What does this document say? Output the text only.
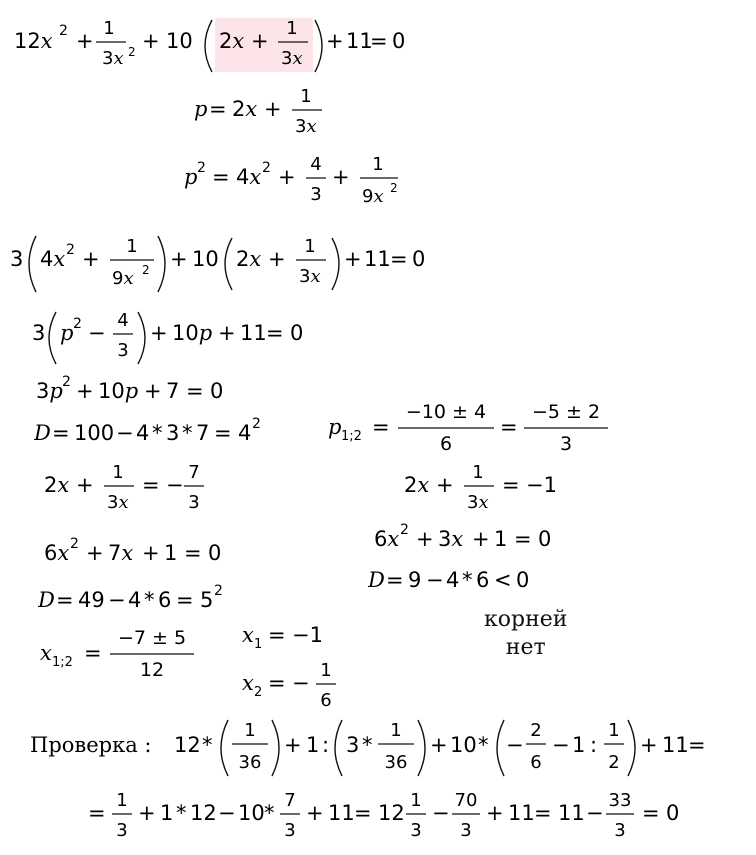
12x 2 +
1
3x 2 + 10 2x +
1
3x
+ 11
= 0
p = 2x +
1
3x
p 2 = 4x 2 +
4
3
+
1
9x 2
3 4x 2 +
1
9x 2 + 10 2x +
1
3x
+ 11 = 0
3 p 2 −
4
3
+ 10p + 11 = 0
3p 2 + 10p + 7 = 0
D = 100 − 4 * 3 * 7 = 4 2	p 1;2 =
−10 ± 4
6
=
−5 ± 2
3
2x +
1
3x
= −
7
3
2x +
1
3x
= −1
6x 2 + 7x + 1 = 0
6x 2 + 3x + 1 = 0
D = 49 − 4 * 6 = 5 2	D = 9 − 4 * 6 < 0
корней
нет
x 1;2 =
−7 ± 5
12
x 1 = −1
x 2 = −
1
6
Проверка : 12 *
1
36
+ 1 : 3 *
1
36
+ 10 * −
2
6
− 1 :
1
2
+ 11 =
=
1
3
+ 1 * 12 − 10 *
7
3
+ 11 = 12
1
3
−
70
3
+ 11 = 11 −
33
3
= 0
